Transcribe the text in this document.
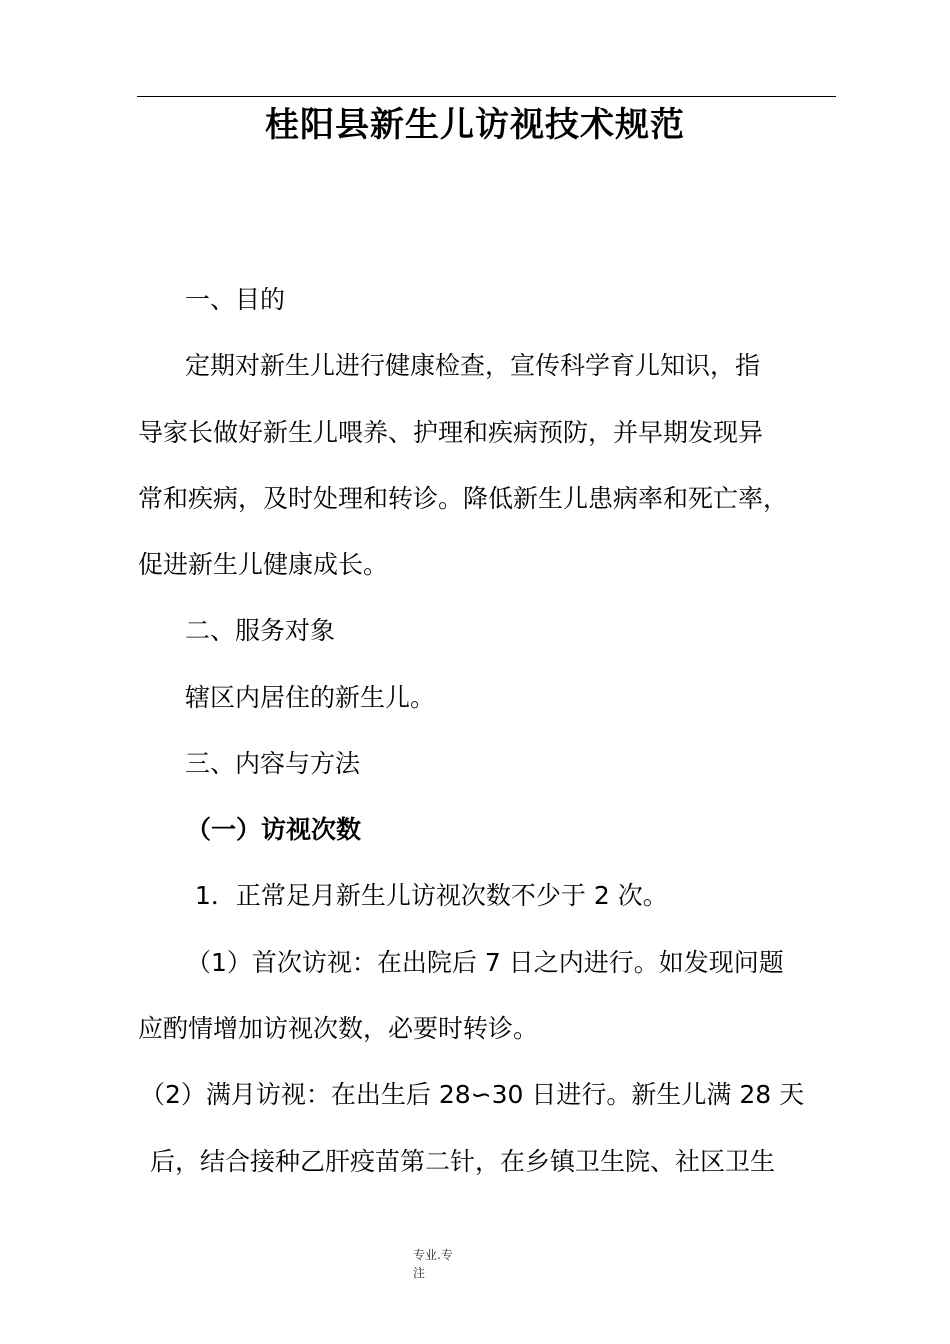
桂阳县新生儿访视技术规范

一、目的

定期对新生儿进行健康检查，宣传科学育儿知识，指

导家长做好新生儿喂养、护理和疾病预防，并早期发现异

常和疾病，及时处理和转诊。降低新生儿患病率和死亡率，

促进新生儿健康成长。

二、服务对象

辖区内居住的新生儿。

三、内容与方法

（一）访视次数

1．正常足月新生儿访视次数不少于 2 次。

（1）首次访视：在出院后 7 日之内进行。如发现问题

应酌情增加访视次数，必要时转诊。

（2）满月访视：在出生后 28∽30 日进行。新生儿满 28 天

后，结合接种乙肝疫苗第二针，在乡镇卫生院、社区卫生

专业.专
注
